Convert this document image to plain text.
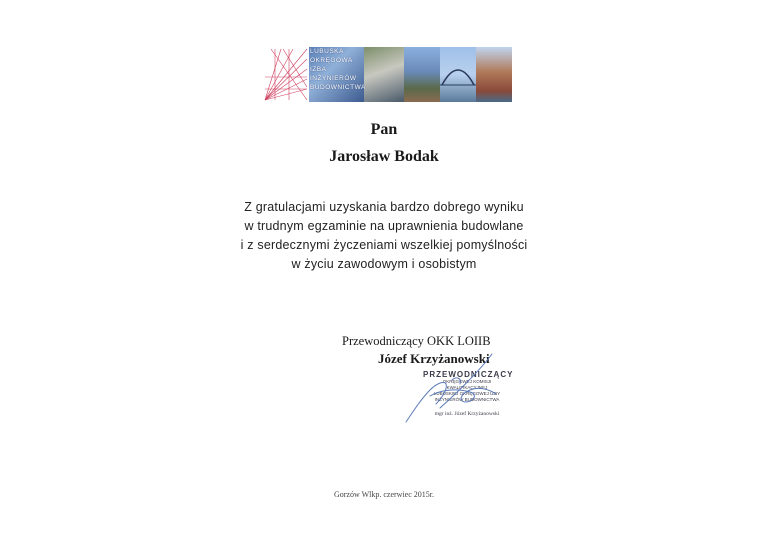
LUBUSKA
OKRĘGOWA
IZBA
INŻYNIERÓW
BUDOWNICTWA
Pan
Jarosław Bodak
Z gratulacjami uzyskania bardzo dobrego wyniku
w trudnym egzaminie na uprawnienia budowlane
i z serdecznymi życzeniami wszelkiej pomyślności
w życiu zawodowym i osobistym
Przewodniczący OKK LOIIB
Józef Krzyżanowski
PRZEWODNICZĄCY
OKRĘGOWEJ KOMISJI KWALIFIKACYJNEJ
LUBUSKIEJ OKRĘGOWEJ IZBY INŻYNIERÓW BUDOWNICTWA
mgr inż. Józef Krzyżanowski
Gorzów Wlkp. czerwiec 2015r.
